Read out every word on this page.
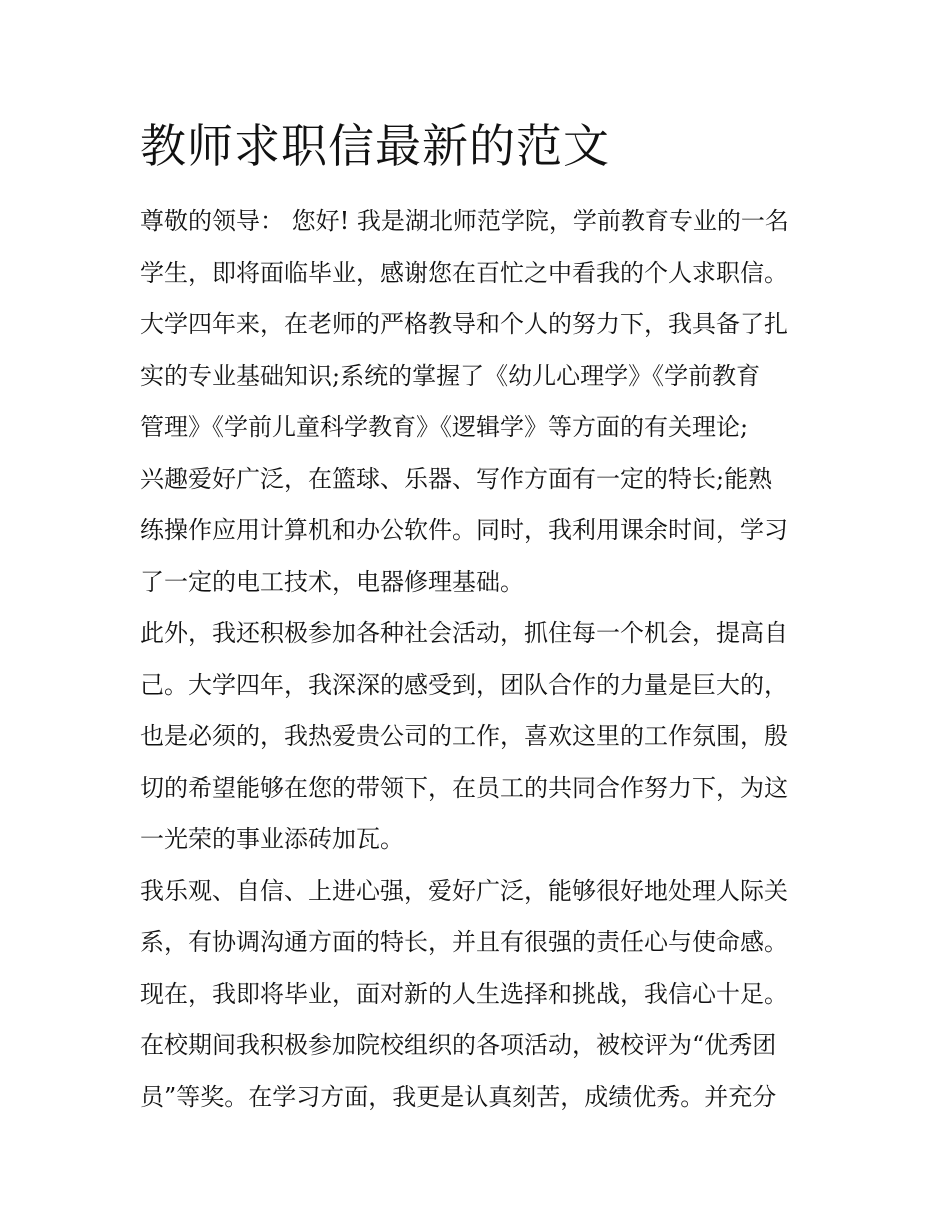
教师求职信最新的范文
尊敬的领导： 您好! 我是湖北师范学院，学前教育专业的一名
学生，即将面临毕业，感谢您在百忙之中看我的个人求职信。
大学四年来，在老师的严格教导和个人的努力下，我具备了扎
实的专业基础知识;系统的掌握了《幼儿心理学》《学前教育
管理》《学前儿童科学教育》《逻辑学》等方面的有关理论;
兴趣爱好广泛，在篮球、乐器、写作方面有一定的特长;能熟
练操作应用计算机和办公软件。同时，我利用课余时间，学习
了一定的电工技术，电器修理基础。
此外，我还积极参加各种社会活动，抓住每一个机会，提高自
己。大学四年，我深深的感受到，团队合作的力量是巨大的，
也是必须的，我热爱贵公司的工作，喜欢这里的工作氛围，殷
切的希望能够在您的带领下，在员工的共同合作努力下，为这
一光荣的事业添砖加瓦。
我乐观、自信、上进心强，爱好广泛，能够很好地处理人际关
系，有协调沟通方面的特长，并且有很强的责任心与使命感。
现在，我即将毕业，面对新的人生选择和挑战，我信心十足。
在校期间我积极参加院校组织的各项活动，被校评为“优秀团
员”等奖。在学习方面，我更是认真刻苦，成绩优秀。并充分
